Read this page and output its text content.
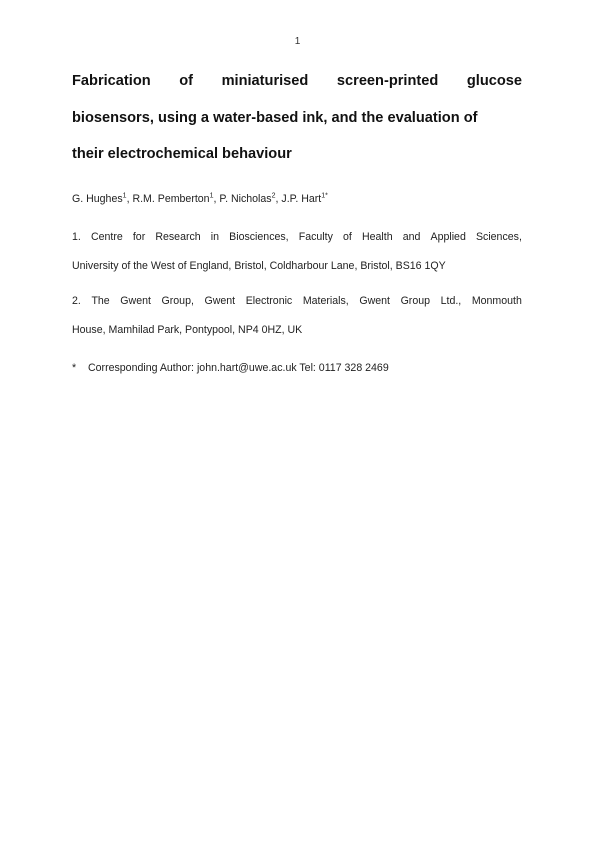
1
Fabrication of miniaturised screen-printed glucose
biosensors, using a water-based ink, and the evaluation of
their electrochemical behaviour
G. Hughes$^1$, R.M. Pemberton$^1$, P. Nicholas$^2$, J.P. Hart$^{1*}$
1. Centre for Research in Biosciences, Faculty of Health and Applied Sciences,
University of the West of England, Bristol, Coldharbour Lane, Bristol, BS16 1QY
2. The Gwent Group, Gwent Electronic Materials, Gwent Group Ltd., Monmouth
House, Mamhilad Park, Pontypool, NP4 0HZ, UK
* Corresponding Author: john.hart@uwe.ac.uk Tel: 0117 328 2469
